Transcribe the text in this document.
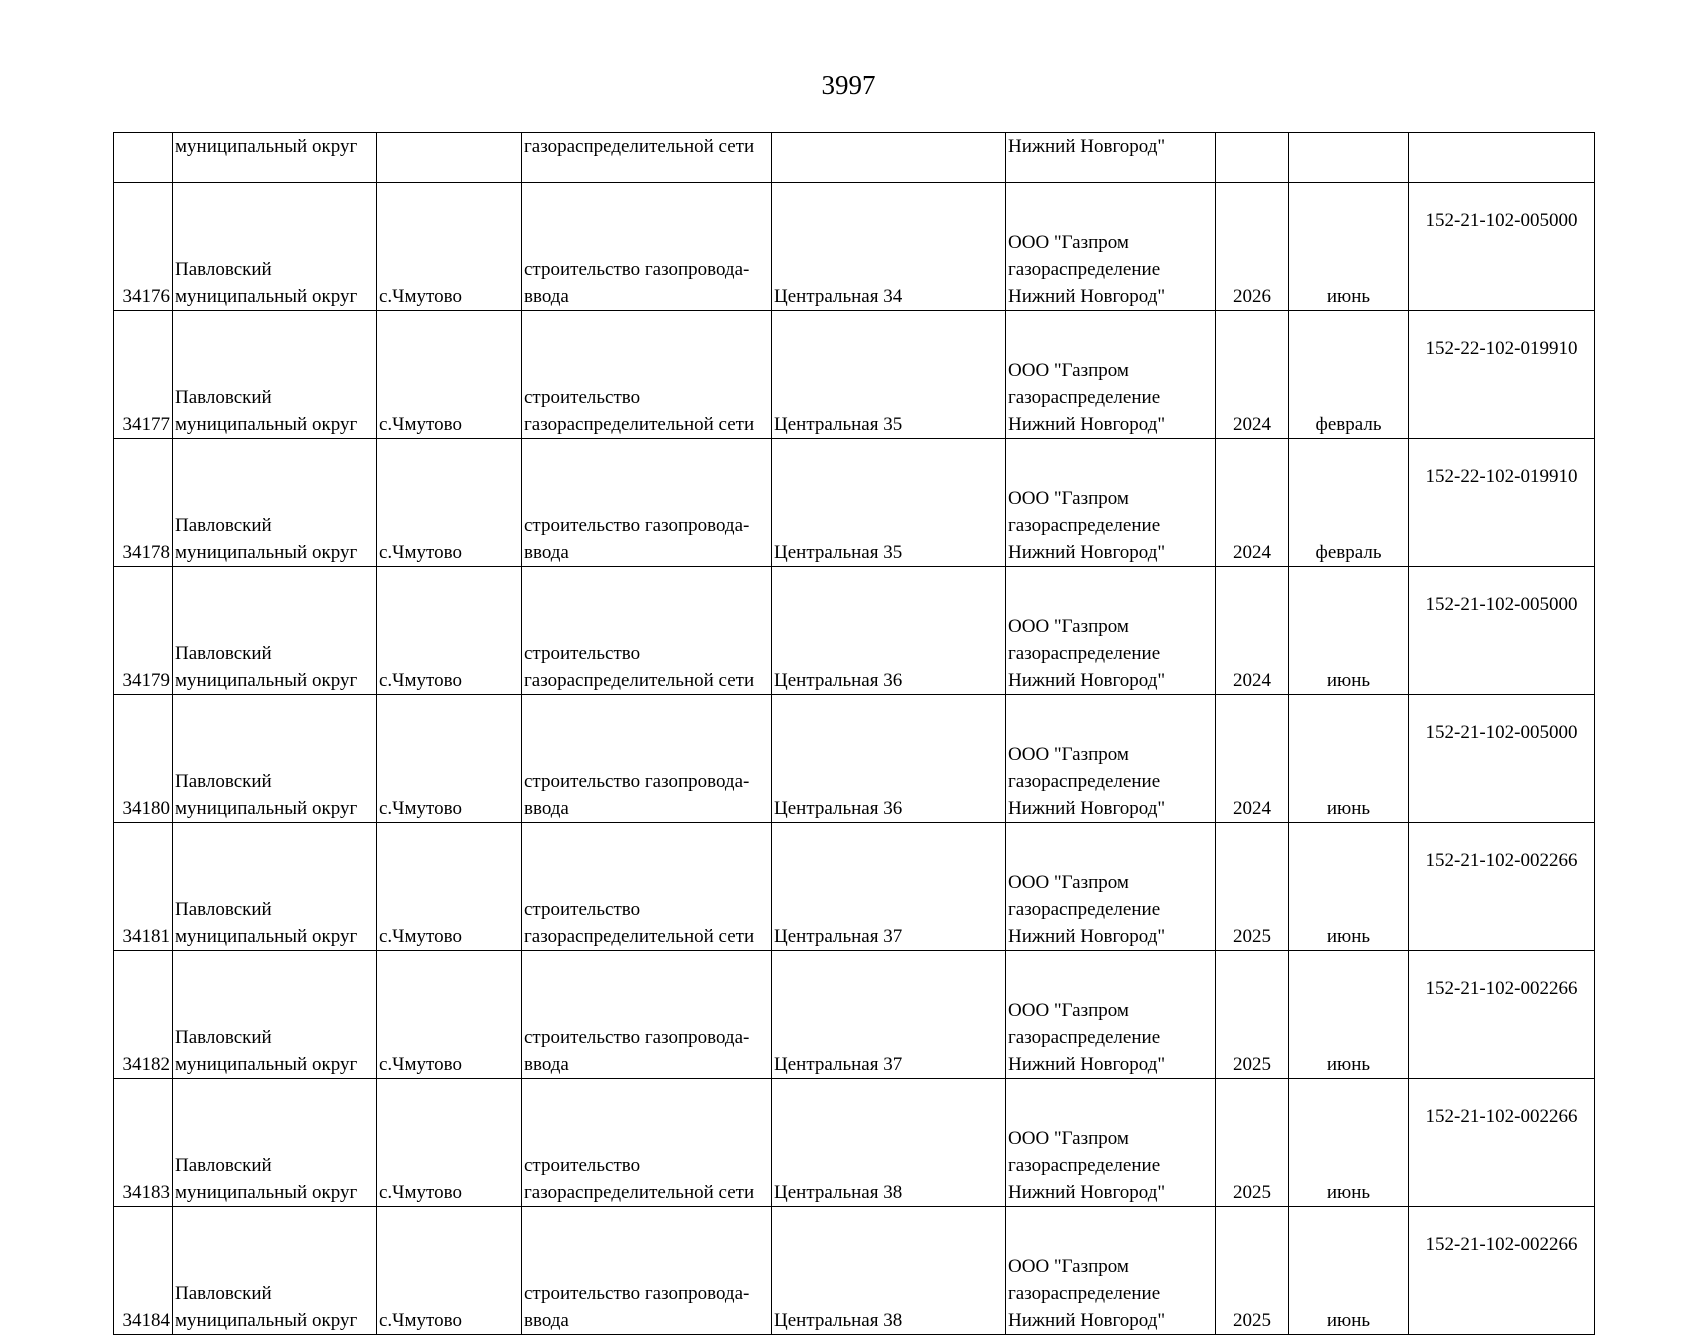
3997
	муниципальный округ		газораспределительной сети		Нижний Новгород"			
34176	Павловский
муниципальный округ	с.Чмутово	строительство газопровода-
ввода	Центральная 34	ООО "Газпром
газораспределение
Нижний Новгород"	2026	июнь	152-21-102-005000
34177	Павловский
муниципальный округ	с.Чмутово	строительство
газораспределительной сети	Центральная 35	ООО "Газпром
газораспределение
Нижний Новгород"	2024	февраль	152-22-102-019910
34178	Павловский
муниципальный округ	с.Чмутово	строительство газопровода-
ввода	Центральная 35	ООО "Газпром
газораспределение
Нижний Новгород"	2024	февраль	152-22-102-019910
34179	Павловский
муниципальный округ	с.Чмутово	строительство
газораспределительной сети	Центральная 36	ООО "Газпром
газораспределение
Нижний Новгород"	2024	июнь	152-21-102-005000
34180	Павловский
муниципальный округ	с.Чмутово	строительство газопровода-
ввода	Центральная 36	ООО "Газпром
газораспределение
Нижний Новгород"	2024	июнь	152-21-102-005000
34181	Павловский
муниципальный округ	с.Чмутово	строительство
газораспределительной сети	Центральная 37	ООО "Газпром
газораспределение
Нижний Новгород"	2025	июнь	152-21-102-002266
34182	Павловский
муниципальный округ	с.Чмутово	строительство газопровода-
ввода	Центральная 37	ООО "Газпром
газораспределение
Нижний Новгород"	2025	июнь	152-21-102-002266
34183	Павловский
муниципальный округ	с.Чмутово	строительство
газораспределительной сети	Центральная 38	ООО "Газпром
газораспределение
Нижний Новгород"	2025	июнь	152-21-102-002266
34184	Павловский
муниципальный округ	с.Чмутово	строительство газопровода-
ввода	Центральная 38	ООО "Газпром
газораспределение
Нижний Новгород"	2025	июнь	152-21-102-002266
